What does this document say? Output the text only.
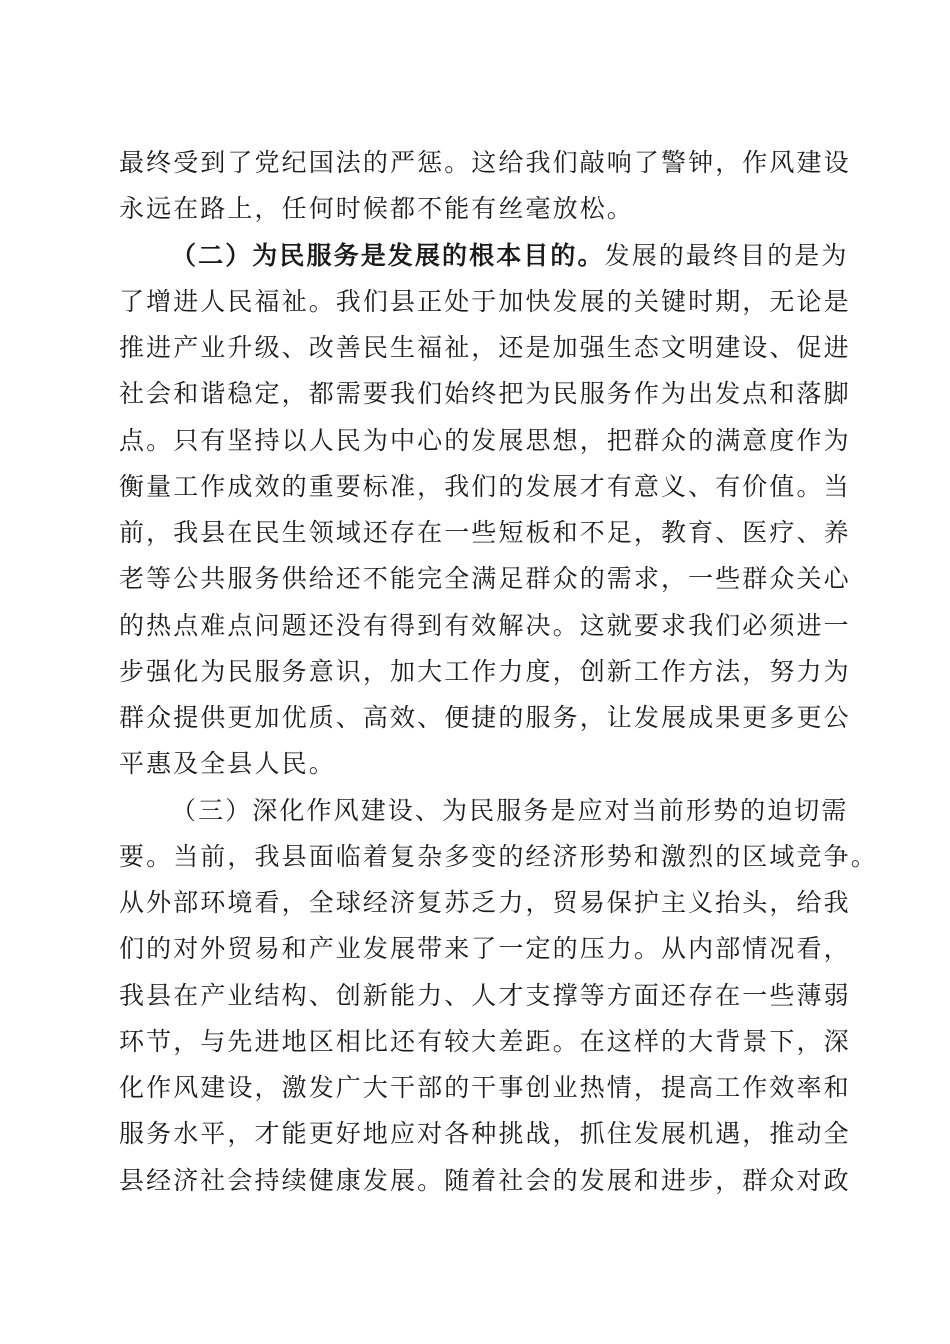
最终受到了党纪国法的严惩。这给我们敲响了警钟，作风建设
永远在路上，任何时候都不能有丝毫放松。
（二）为民服务是发展的根本目的。发展的最终目的是为
了增进人民福祉。我们县正处于加快发展的关键时期，无论是
推进产业升级、改善民生福祉，还是加强生态文明建设、促进
社会和谐稳定，都需要我们始终把为民服务作为出发点和落脚
点。只有坚持以人民为中心的发展思想，把群众的满意度作为
衡量工作成效的重要标准，我们的发展才有意义、有价值。当
前，我县在民生领域还存在一些短板和不足，教育、医疗、养
老等公共服务供给还不能完全满足群众的需求，一些群众关心
的热点难点问题还没有得到有效解决。这就要求我们必须进一
步强化为民服务意识，加大工作力度，创新工作方法，努力为
群众提供更加优质、高效、便捷的服务，让发展成果更多更公
平惠及全县人民。
（三）深化作风建设、为民服务是应对当前形势的迫切需
要。当前，我县面临着复杂多变的经济形势和激烈的区域竞争。
从外部环境看，全球经济复苏乏力，贸易保护主义抬头，给我
们的对外贸易和产业发展带来了一定的压力。从内部情况看，
我县在产业结构、创新能力、人才支撑等方面还存在一些薄弱
环节，与先进地区相比还有较大差距。在这样的大背景下，深
化作风建设，激发广大干部的干事创业热情，提高工作效率和
服务水平，才能更好地应对各种挑战，抓住发展机遇，推动全
县经济社会持续健康发展。随着社会的发展和进步，群众对政
